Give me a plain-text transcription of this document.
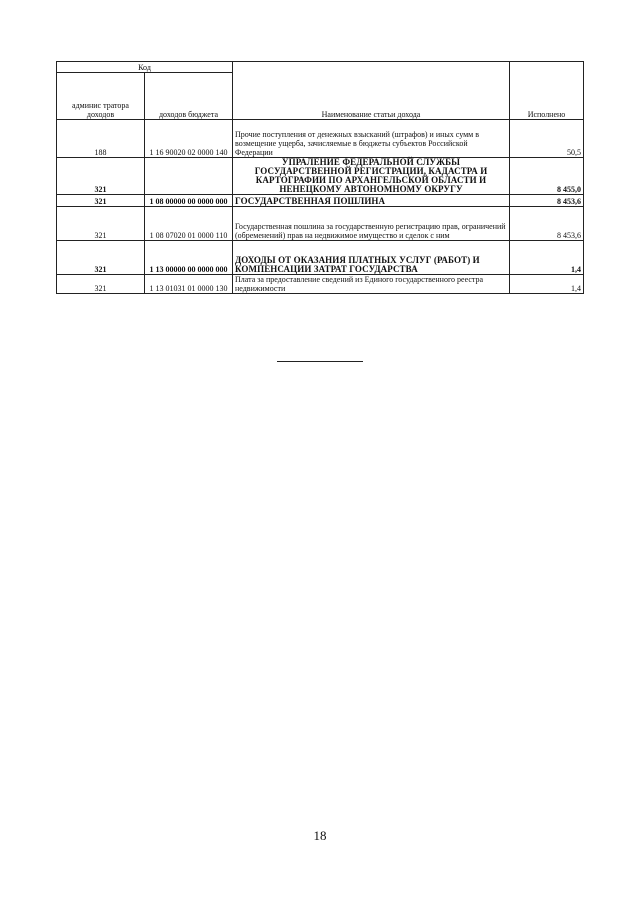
Код		Наименование статьи дохода	Исполнено
админис тратора доходов	доходов бюджета		
188	1 16 90020 02 0000 140	Прочие поступления от денежных взысканий (штрафов) и иных сумм в возмещение ущерба, зачисляемые в бюджеты субъектов Российской Федерации	50,5
321		УПРАЛЕНИЕ ФЕДЕРАЛЬНОЙ СЛУЖБЫ ГОСУДАРСТВЕННОЙ РЕГИСТРАЦИИ, КАДАСТРА И КАРТОГРАФИИ ПО АРХАНГЕЛЬСКОЙ ОБЛАСТИ И НЕНЕЦКОМУ АВТОНОМНОМУ ОКРУГУ	8 455,0
321	1 08 00000 00 0000 000	ГОСУДАРСТВЕННАЯ ПОШЛИНА	8 453,6
321	1 08 07020 01 0000 110	Государственная пошлина за государственную регистрацию прав, ограничений (обременений) прав на недвижимое имущество и сделок с ним	8 453,6
321	1 13 00000 00 0000 000	ДОХОДЫ ОТ ОКАЗАНИЯ ПЛАТНЫХ УСЛУГ (РАБОТ) И КОМПЕНСАЦИИ ЗАТРАТ ГОСУДАРСТВА	1,4
321	1 13 01031 01 0000 130	Плата за предоставление сведений из Единого государственного реестра недвижимости	1,4
18
